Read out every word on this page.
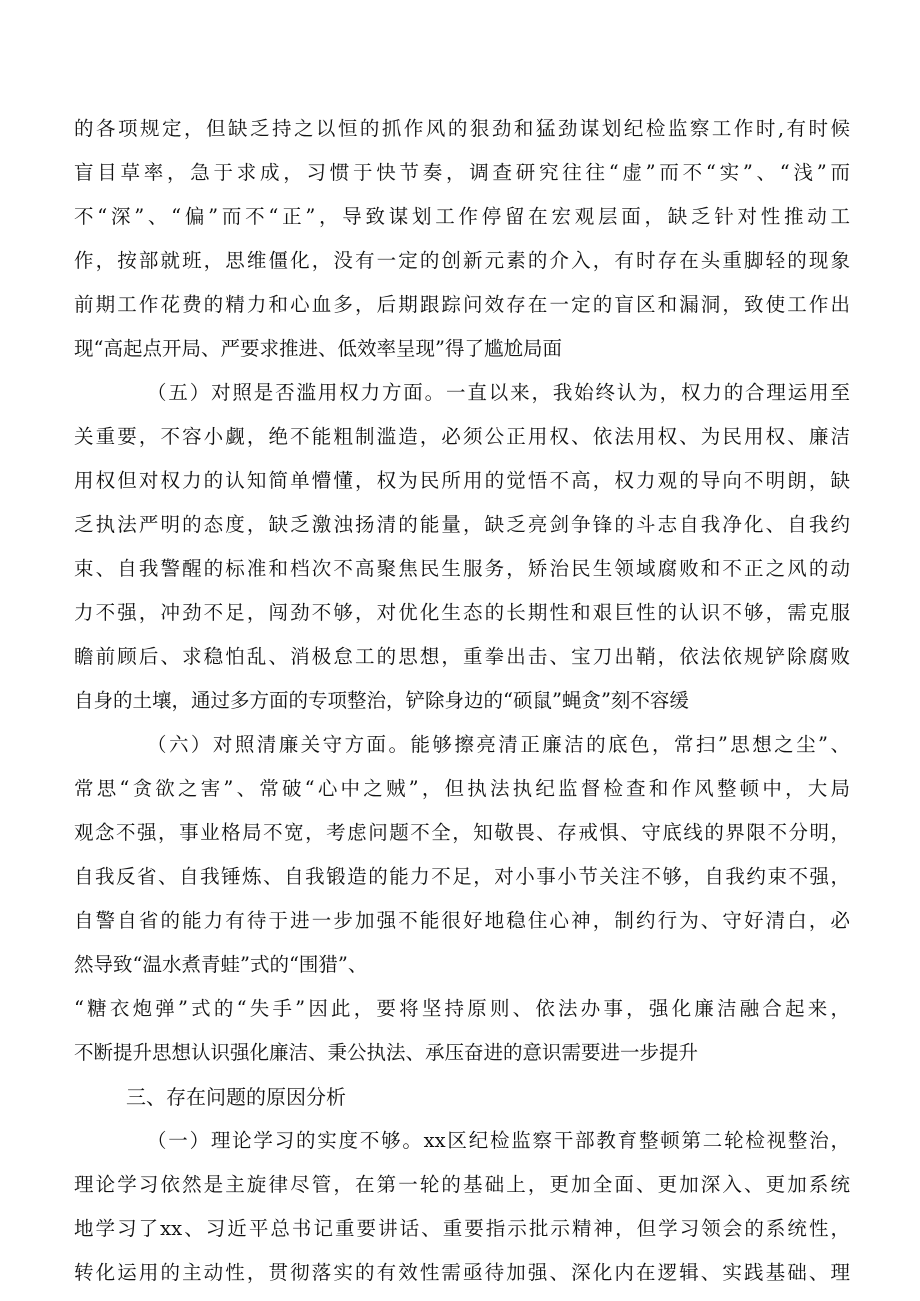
的各项规定，但缺乏持之以恒的抓作风的狠劲和猛劲谋划纪检监察工作时,有时候
盲目草率，急于求成，习惯于快节奏，调查研究往往“虚”而不“实”、“浅”而
不“深”、“偏”而不“正”，导致谋划工作停留在宏观层面，缺乏针对性推动工
作，按部就班，思维僵化，没有一定的创新元素的介入，有时存在头重脚轻的现象
前期工作花费的精力和心血多，后期跟踪问效存在一定的盲区和漏洞，致使工作出
现“高起点开局、严要求推进、低效率呈现”得了尴尬局面
（五）对照是否滥用权力方面。一直以来，我始终认为，权力的合理运用至
关重要，不容小觑，绝不能粗制滥造，必须公正用权、依法用权、为民用权、廉洁
用权但对权力的认知简单懵懂，权为民所用的觉悟不高，权力观的导向不明朗，缺
乏执法严明的态度，缺乏激浊扬清的能量，缺乏亮剑争锋的斗志自我净化、自我约
束、自我警醒的标准和档次不高聚焦民生服务，矫治民生领域腐败和不正之风的动
力不强，冲劲不足，闯劲不够，对优化生态的长期性和艰巨性的认识不够，需克服
瞻前顾后、求稳怕乱、消极怠工的思想，重拳出击、宝刀出鞘，依法依规铲除腐败
自身的土壤，通过多方面的专项整治，铲除身边的“硕鼠”蝇贪”刻不容缓
（六）对照清廉关守方面。能够擦亮清正廉洁的底色，常扫”思想之尘”、
常思“贪欲之害”、常破“心中之贼”，但执法执纪监督检查和作风整顿中，大局
观念不强，事业格局不宽，考虑问题不全，知敬畏、存戒惧、守底线的界限不分明，
自我反省、自我锤炼、自我锻造的能力不足，对小事小节关注不够，自我约束不强，
自警自省的能力有待于进一步加强不能很好地稳住心神，制约行为、守好清白，必
然导致“温水煮青蛙”式的“围猎”、
“糖衣炮弹”式的“失手”因此，要将坚持原则、依法办事，强化廉洁融合起来，
不断提升思想认识强化廉洁、秉公执法、承压奋进的意识需要进一步提升
三、存在问题的原因分析
（一）理论学习的实度不够。xx区纪检监察干部教育整顿第二轮检视整治，
理论学习依然是主旋律尽管，在第一轮的基础上，更加全面、更加深入、更加系统
地学习了xx、习近平总书记重要讲话、重要指示批示精神，但学习领会的系统性，
转化运用的主动性，贯彻落实的有效性需亟待加强、深化内在逻辑、实践基础、理
